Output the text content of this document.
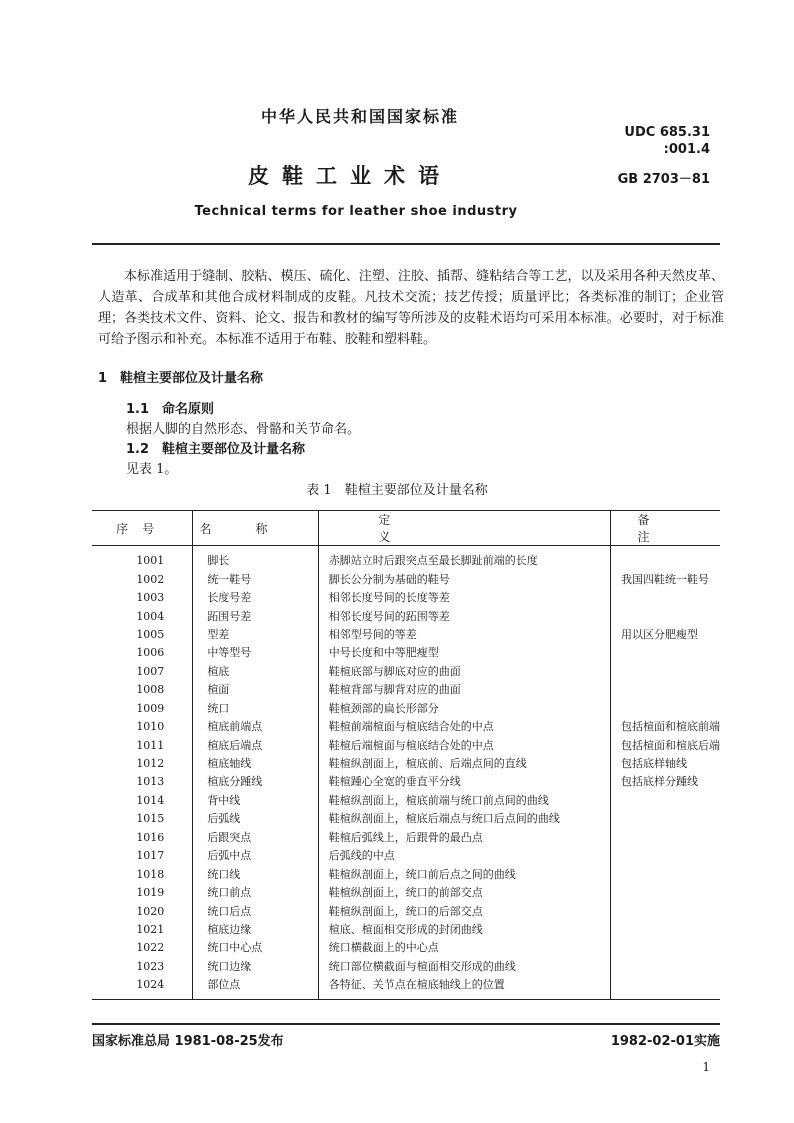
中华人民共和国国家标准
UDC 685.31
:001.4
皮鞋工业术语	GB 2703－81
Technical terms for leather shoe industry
本标准适用于缝制、胶粘、模压、硫化、注塑、注胶、插帮、缝粘结合等工艺，以及采用各种天然皮革、人造革、合成革和其他合成材料制成的皮鞋。凡技术交流；技艺传授；质量评比；各类标准的制订；企业管理；各类技术文件、资料、论文、报告和教材的编写等所涉及的皮鞋术语均可采用本标准。必要时，对于标准可给予图示和补充。本标准不适用于布鞋、胶鞋和塑料鞋。
1　鞋楦主要部位及计量名称
1.1　命名原则
根据人脚的自然形态、骨骼和关节命名。
1.2　鞋楦主要部位及计量名称
见表 1。
表 1　鞋楦主要部位及计量名称
序号	名称	定义	备注
1001	脚长	赤脚站立时后跟突点至最长脚趾前端的长度	
1002	统一鞋号	脚长公分制为基础的鞋号	我国四鞋统一鞋号
1003	长度号差	相邻长度号间的长度等差	
1004	跖围号差	相邻长度号间的跖围等差	
1005	型差	相邻型号间的等差	用以区分肥瘦型
1006	中等型号	中号长度和中等肥瘦型	
1007	楦底	鞋楦底部与脚底对应的曲面	
1008	楦面	鞋楦背部与脚背对应的曲面	
1009	统口	鞋楦颈部的扁长形部分	
1010	楦底前端点	鞋楦前端楦面与楦底结合处的中点	包括楦面和楦底前端
1011	楦底后端点	鞋楦后端楦面与楦底结合处的中点	包括楦面和楦底后端
1012	楦底轴线	鞋楦纵剖面上，楦底前、后端点间的直线	包括底样轴线
1013	楦底分踵线	鞋楦踵心全宽的垂直平分线	包括底样分踵线
1014	背中线	鞋楦纵剖面上，楦底前端与统口前点间的曲线	
1015	后弧线	鞋楦纵剖面上，楦底后端点与统口后点间的曲线	
1016	后跟突点	鞋楦后弧线上，后跟骨的最凸点	
1017	后弧中点	后弧线的中点	
1018	统口线	鞋楦纵剖面上，统口前后点之间的曲线	
1019	统口前点	鞋楦纵剖面上，统口的前部交点	
1020	统口后点	鞋楦纵剖面上，统口的后部交点	
1021	楦底边缘	楦底、楦面相交形成的封闭曲线	
1022	统口中心点	统口横截面上的中心点	
1023	统口边缘	统口部位横截面与楦面相交形成的曲线	
1024	部位点	各特征、关节点在楦底轴线上的位置	
国家标准总局 1981-08-25发布	1982-02-01实施
1
